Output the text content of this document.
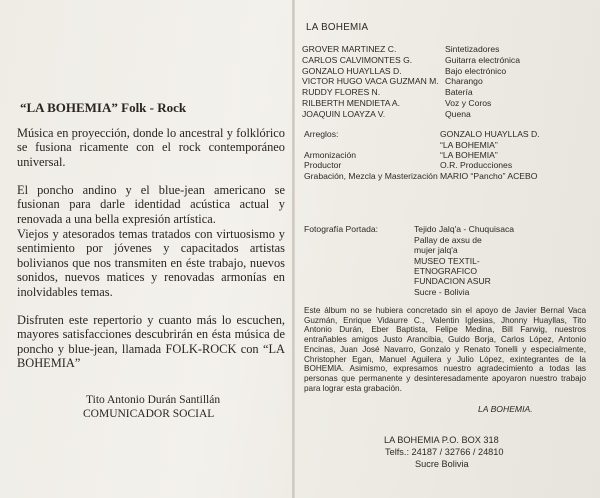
“LA BOHEMIA” Folk - Rock
Música en proyección, donde lo ancestral y folklórico se fusiona ricamente con el rock contemporáneo universal.
El poncho andino y el blue-jean americano se fusionan para darle identidad acústica actual y renovada a una bella expresión artística.
Viejos y atesorados temas tratados con virtuosismo y sentimiento por jóvenes y capacitados artistas bolivianos que nos transmiten en éste trabajo, nuevos sonidos, nuevos matices y renovadas armonías en inolvidables temas.
Disfruten este repertorio y cuanto más lo escuchen, mayores satisfacciones descubrirán en ésta música de poncho y blue-jean, llamada FOLK-ROCK con “LA BOHEMIA”
Tito Antonio Durán Santillán
COMUNICADOR SOCIAL
LA BOHEMIA
GROVER MARTINEZ C.	Sintetizadores
CARLOS CALVIMONTES G.	Guitarra electrónica
GONZALO HUAYLLAS D.	Bajo electrónico
VICTOR HUGO VACA GUZMAN M. Charango
RUDDY FLORES N.	Batería
RILBERTH MENDIETA A.	Voz y Coros
JOAQUIN LOAYZA V.	Quena
Arreglos:	GONZALO HUAYLLAS D.
“LA BOHEMIA”
Armonización	“LA BOHEMIA”
Productor	O.R. Producciones
Grabación, Mezcla y Masterización MARIO “Pancho” ACEBO
Fotografía Portada:	Tejido Jalq'a - Chuquisaca
Pallay de axsu de
mujer jalq'a
MUSEO TEXTIL-
ETNOGRAFICO
FUNDACION ASUR
Sucre - Bolivia
Este álbum no se hubiera concretado sin el apoyo de Javier Bernal Vaca Guzmán, Enrique Vidaurre C., Valentin Iglesias, Jhonny Huayllas, Tito Antonio Durán, Eber Baptista, Felipe Medina, Bill Farwig, nuestros entrañables amigos Justo Arancibia, Guido Borja, Carlos López, Antonio Encinas, Juan José Navarro, Gonzalo y Renato Tonelli y especialmente, Christopher Egan, Manuel Aguilera y Julio López, exintegrantes de la BOHEMIA. Asimismo, expresamos nuestro agradecimiento a todas las personas que permanente y desinteresadamente apoyaron nuestro trabajo para lograr esta grabación.
LA BOHEMIA.
LA BOHEMIA P.O. BOX 318
Telfs.: 24187 / 32766 / 24810
Sucre Bolivia
